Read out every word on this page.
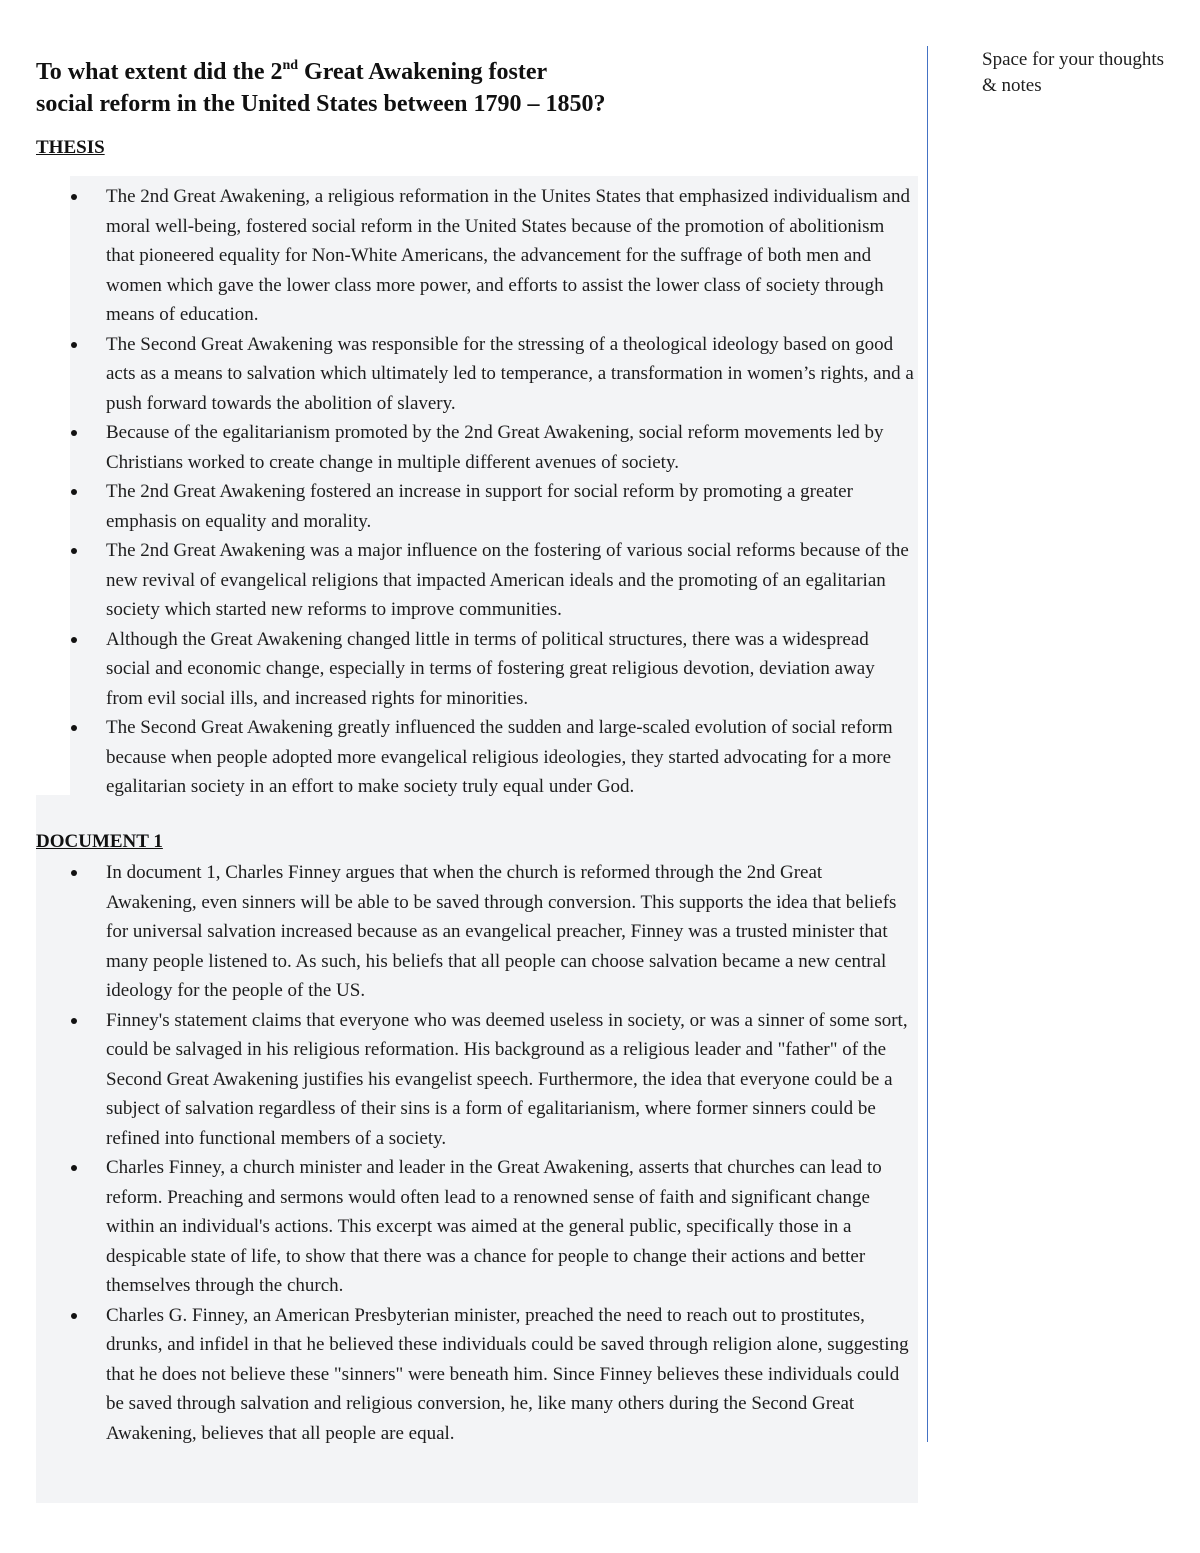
Space for your thoughts & notes
To what extent did the 2nd Great Awakening foster
social reform in the United States between 1790 – 1850?
THESIS
The 2nd Great Awakening, a religious reformation in the Unites States that emphasized individualism and moral well-being, fostered social reform in the United States because of the promotion of abolitionism that pioneered equality for Non-White Americans, the advancement for the suffrage of both men and women which gave the lower class more power, and efforts to assist the lower class of society through means of education.
The Second Great Awakening was responsible for the stressing of a theological ideology based on good acts as a means to salvation which ultimately led to temperance, a transformation in women’s rights, and a push forward towards the abolition of slavery.
Because of the egalitarianism promoted by the 2nd Great Awakening, social reform movements led by Christians worked to create change in multiple different avenues of society.
The 2nd Great Awakening fostered an increase in support for social reform by promoting a greater emphasis on equality and morality.
The 2nd Great Awakening was a major influence on the fostering of various social reforms because of the new revival of evangelical religions that impacted American ideals and the promoting of an egalitarian society which started new reforms to improve communities.
Although the Great Awakening changed little in terms of political structures, there was a widespread social and economic change, especially in terms of fostering great religious devotion, deviation away from evil social ills, and increased rights for minorities.
The Second Great Awakening greatly influenced the sudden and large-scaled evolution of social reform because when people adopted more evangelical religious ideologies, they started advocating for a more egalitarian society in an effort to make society truly equal under God.
DOCUMENT 1
In document 1, Charles Finney argues that when the church is reformed through the 2nd Great Awakening, even sinners will be able to be saved through conversion. This supports the idea that beliefs for universal salvation increased because as an evangelical preacher, Finney was a trusted minister that many people listened to. As such, his beliefs that all people can choose salvation became a new central ideology for the people of the US.
Finney's statement claims that everyone who was deemed useless in society, or was a sinner of some sort, could be salvaged in his religious reformation. His background as a religious leader and "father" of the Second Great Awakening justifies his evangelist speech. Furthermore, the idea that everyone could be a subject of salvation regardless of their sins is a form of egalitarianism, where former sinners could be refined into functional members of a society.
Charles Finney, a church minister and leader in the Great Awakening, asserts that churches can lead to reform. Preaching and sermons would often lead to a renowned sense of faith and significant change within an individual's actions. This excerpt was aimed at the general public, specifically those in a despicable state of life, to show that there was a chance for people to change their actions and better themselves through the church.
Charles G. Finney, an American Presbyterian minister, preached the need to reach out to prostitutes, drunks, and infidel in that he believed these individuals could be saved through religion alone, suggesting that he does not believe these "sinners" were beneath him. Since Finney believes these individuals could be saved through salvation and religious conversion, he, like many others during the Second Great Awakening, believes that all people are equal.
